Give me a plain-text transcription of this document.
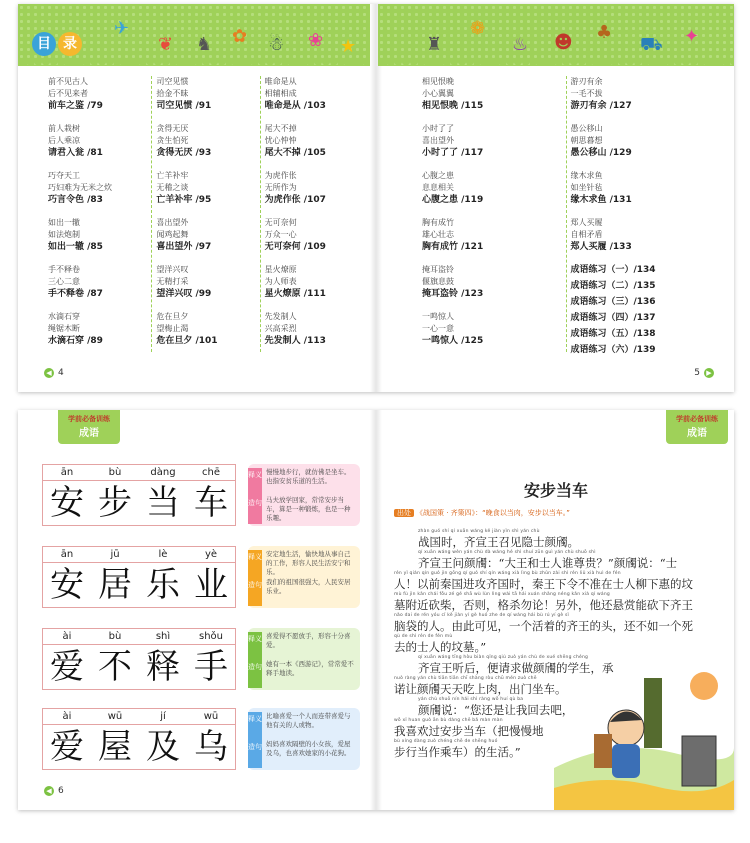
目 录
✈
❦ ♞ ✿ ☃ ❀ ★
前不见古人
后不见来者
前车之鉴 /79
前人栽树
后人乘凉
请君入瓮 /81
巧夺天工
巧妇难为无米之炊
巧言令色 /83
如出一辙
如法炮制
如出一辙 /85
手不释卷
三心二意
手不释卷 /87
水滴石穿
绳锯木断
水滴石穿 /89
司空见惯
拾金不昧
司空见惯 /91
贪得无厌
贪生怕死
贪得无厌 /93
亡羊补牢
无稽之谈
亡羊补牢 /95
喜出望外
闻鸡起舞
喜出望外 /97
望洋兴叹
无精打采
望洋兴叹 /99
危在旦夕
望梅止渴
危在旦夕 /101
唯命是从
相辅相成
唯命是从 /103
尾大不掉
忧心忡忡
尾大不掉 /105
为虎作伥
无所作为
为虎作伥 /107
无可奈何
万众一心
无可奈何 /109
星火燎原
为人师表
星火燎原 /111
先发制人
兴高采烈
先发制人 /113
◀ 4
♜
❁
♨ ☻ ♣
⛟ ✦
相见恨晚
小心翼翼
相见恨晚 /115
小时了了
喜出望外
小时了了 /117
心腹之患
息息相关
心腹之患 /119
胸有成竹
雄心壮志
胸有成竹 /121
掩耳盗铃
偃旗息鼓
掩耳盗铃 /123
一鸣惊人
一心一意
一鸣惊人 /125
游刃有余
一毛不拔
游刃有余 /127
愚公移山
朝思暮想
愚公移山 /129
缘木求鱼
如坐针毡
缘木求鱼 /131
郑人买履
自相矛盾
郑人买履 /133
成语练习（一）/134
成语练习（二）/135
成语练习（三）/136
成语练习（四）/137
成语练习（五）/138
成语练习（六）/139
5 ▶
学前必备训练
成语
ān	bù	dàng	chē
安 步 当 车
释义 慢慢地步行，就仿佛是坐车。也指安贫乐道的生活。
造句 马夫放学回家，常常安步当车，算是一种锻炼，也是一种乐趣。
ān	jū	lè	yè
安 居 乐 业
释义 安定地生活，愉快地从事自己的工作，形容人民生活安宁和乐。
造句 我们的祖国很强大，人民安居乐业。
ài	bù	shì	shǒu
爱 不 释 手
释义 喜爱得不愿放手，形容十分喜爱。
造句 她有一本《西游记》，常常爱不释手地读。
ài	wū	jí	wū
爱 屋 及 乌
释义 比喻喜爱一个人而连带喜爱与他有关的人或物。
造句 妈妈喜欢隔壁的小女孩，爱屋及乌，也喜欢她家的小花狗。
◀ 6
学前必备训练
成语
安步当车
出处 《战国策 · 齐策四》：“晚食以当肉，安步以当车。”
zhàn guó shí qí xuān wáng kě jiàn yǐn shì yán chù
战国时，齐宣王召见隐士颜斶。
qí xuān wáng wèn yán chù dà wáng hé shì shuí zūn guì yán chù shuō shì
齐宣王问颜斶：“大王和士人谁尊贵？”颜斶说：“士
rén yǐ qián qín guó jìn gōng qí guó shí qín wáng xià lìng bù zhǔn zài shì rén liǔ xià huì de fén
人！以前秦国进攻齐国时，秦王下令不准在士人柳下惠的坟
mù fù jìn kǎn chái fǒu zé gé shā wù lùn lìng wài tā hái xuán shǎng néng kǎn xià qí wáng
墓附近砍柴，否则，格杀勿论！另外，他还悬赏能砍下齐王
nǎo dai de rén yóu cǐ kě jiàn yí gè huó zhe de qí wáng hái bù rú yí gè sǐ
脑袋的人。由此可见，一个活着的齐王的头，还不如一个死
qù de shì rén de fén mù
去的士人的坟墓。”
qí xuān wáng tīng hòu biàn qǐng qiú zuò yán chù de xué shēng chéng
齐宣王听后，便请求做颜斶的学生，承
nuò ràng yán chù tiān tiān chī shàng ròu chū mén zuò chē
诺让颜斶天天吃上肉，出门坐车。
yán chù shuō nín hái shì ràng wǒ huí qù ba
颜斶说：“您还是让我回去吧，
wǒ xǐ huan guò ān bù dàng chē bǎ màn màn
我喜欢过安步当车（把慢慢地
bù xíng dàng zuò chéng chē de shēng huó
步行当作乘车）的生活。”
